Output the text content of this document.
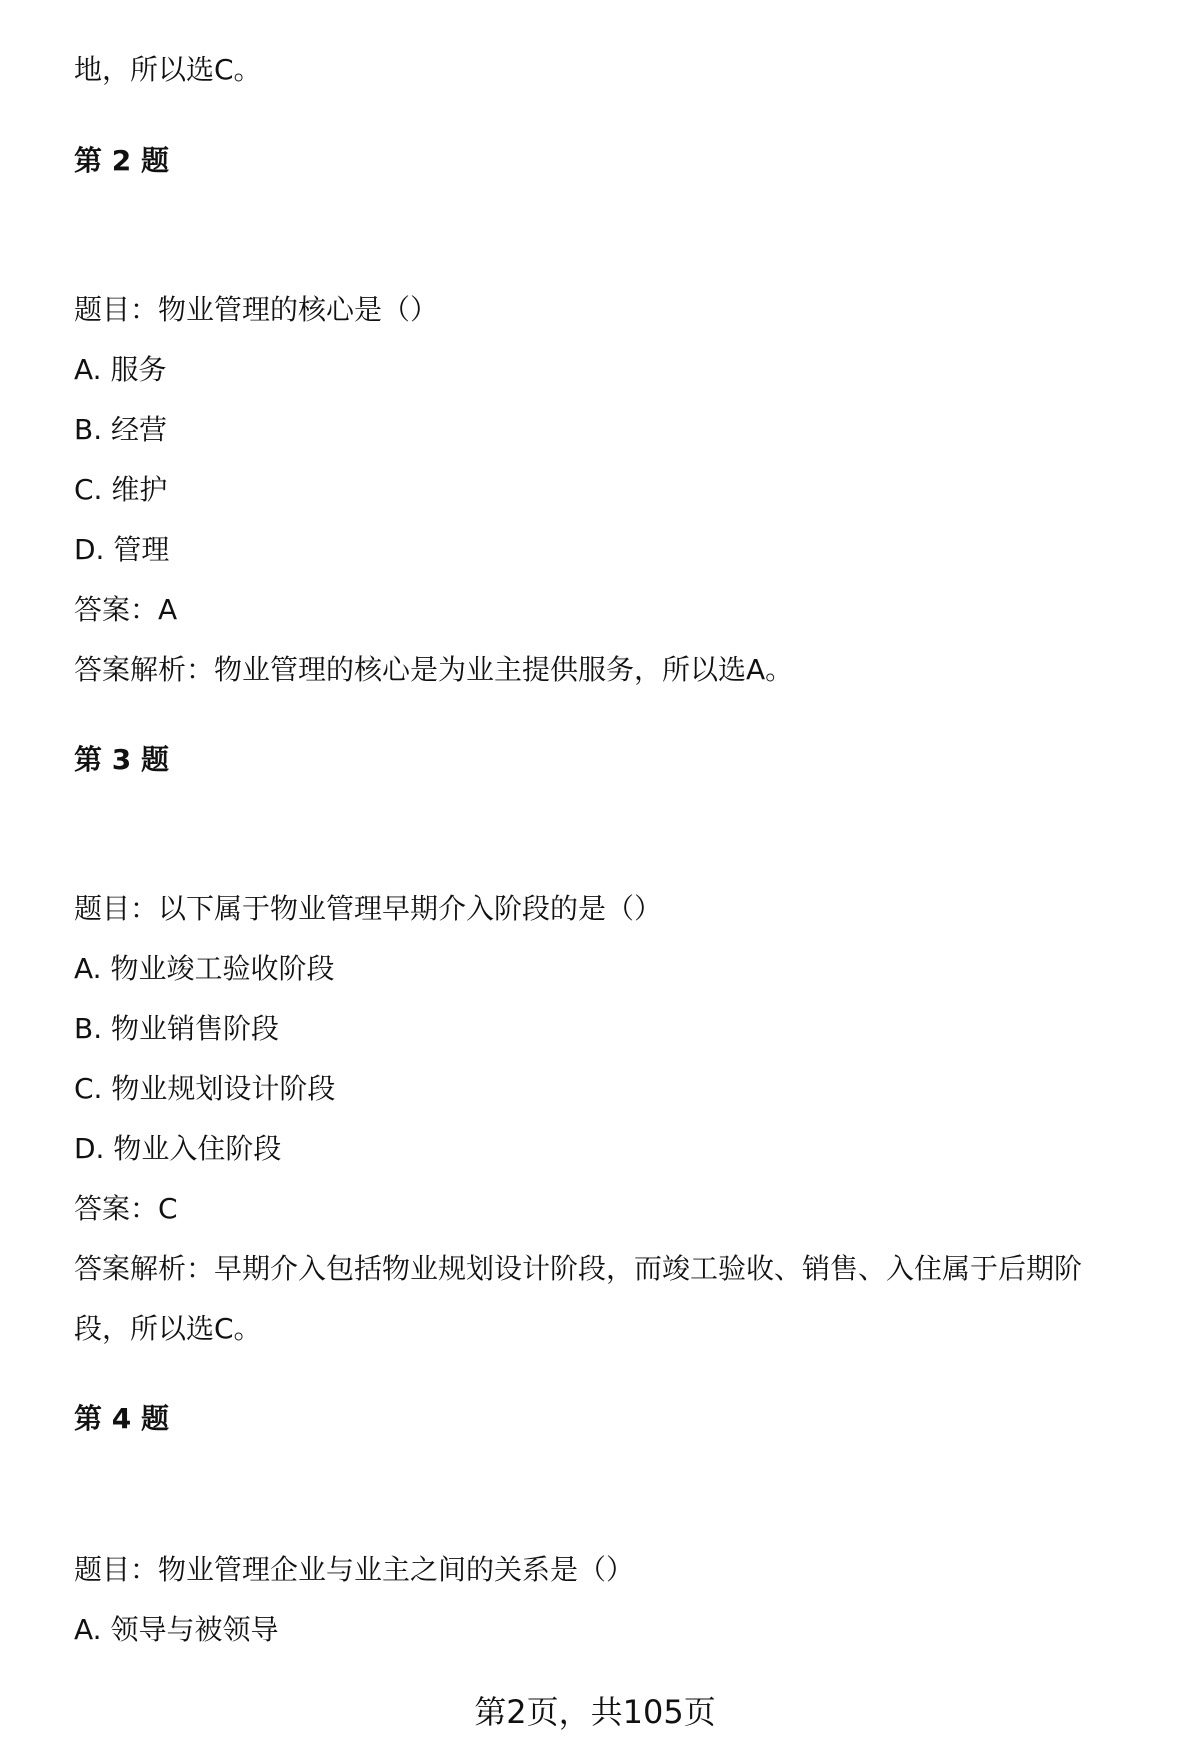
地，所以选C。
第 2 题
题目：物业管理的核心是（）
A. 服务
B. 经营
C. 维护
D. 管理
答案：A
答案解析：物业管理的核心是为业主提供服务，所以选A。
第 3 题
题目：以下属于物业管理早期介入阶段的是（）
A. 物业竣工验收阶段
B. 物业销售阶段
C. 物业规划设计阶段
D. 物业入住阶段
答案：C
答案解析：早期介入包括物业规划设计阶段，而竣工验收、销售、入住属于后期阶
段，所以选C。
第 4 题
题目：物业管理企业与业主之间的关系是（）
A. 领导与被领导
第2页，共105页
